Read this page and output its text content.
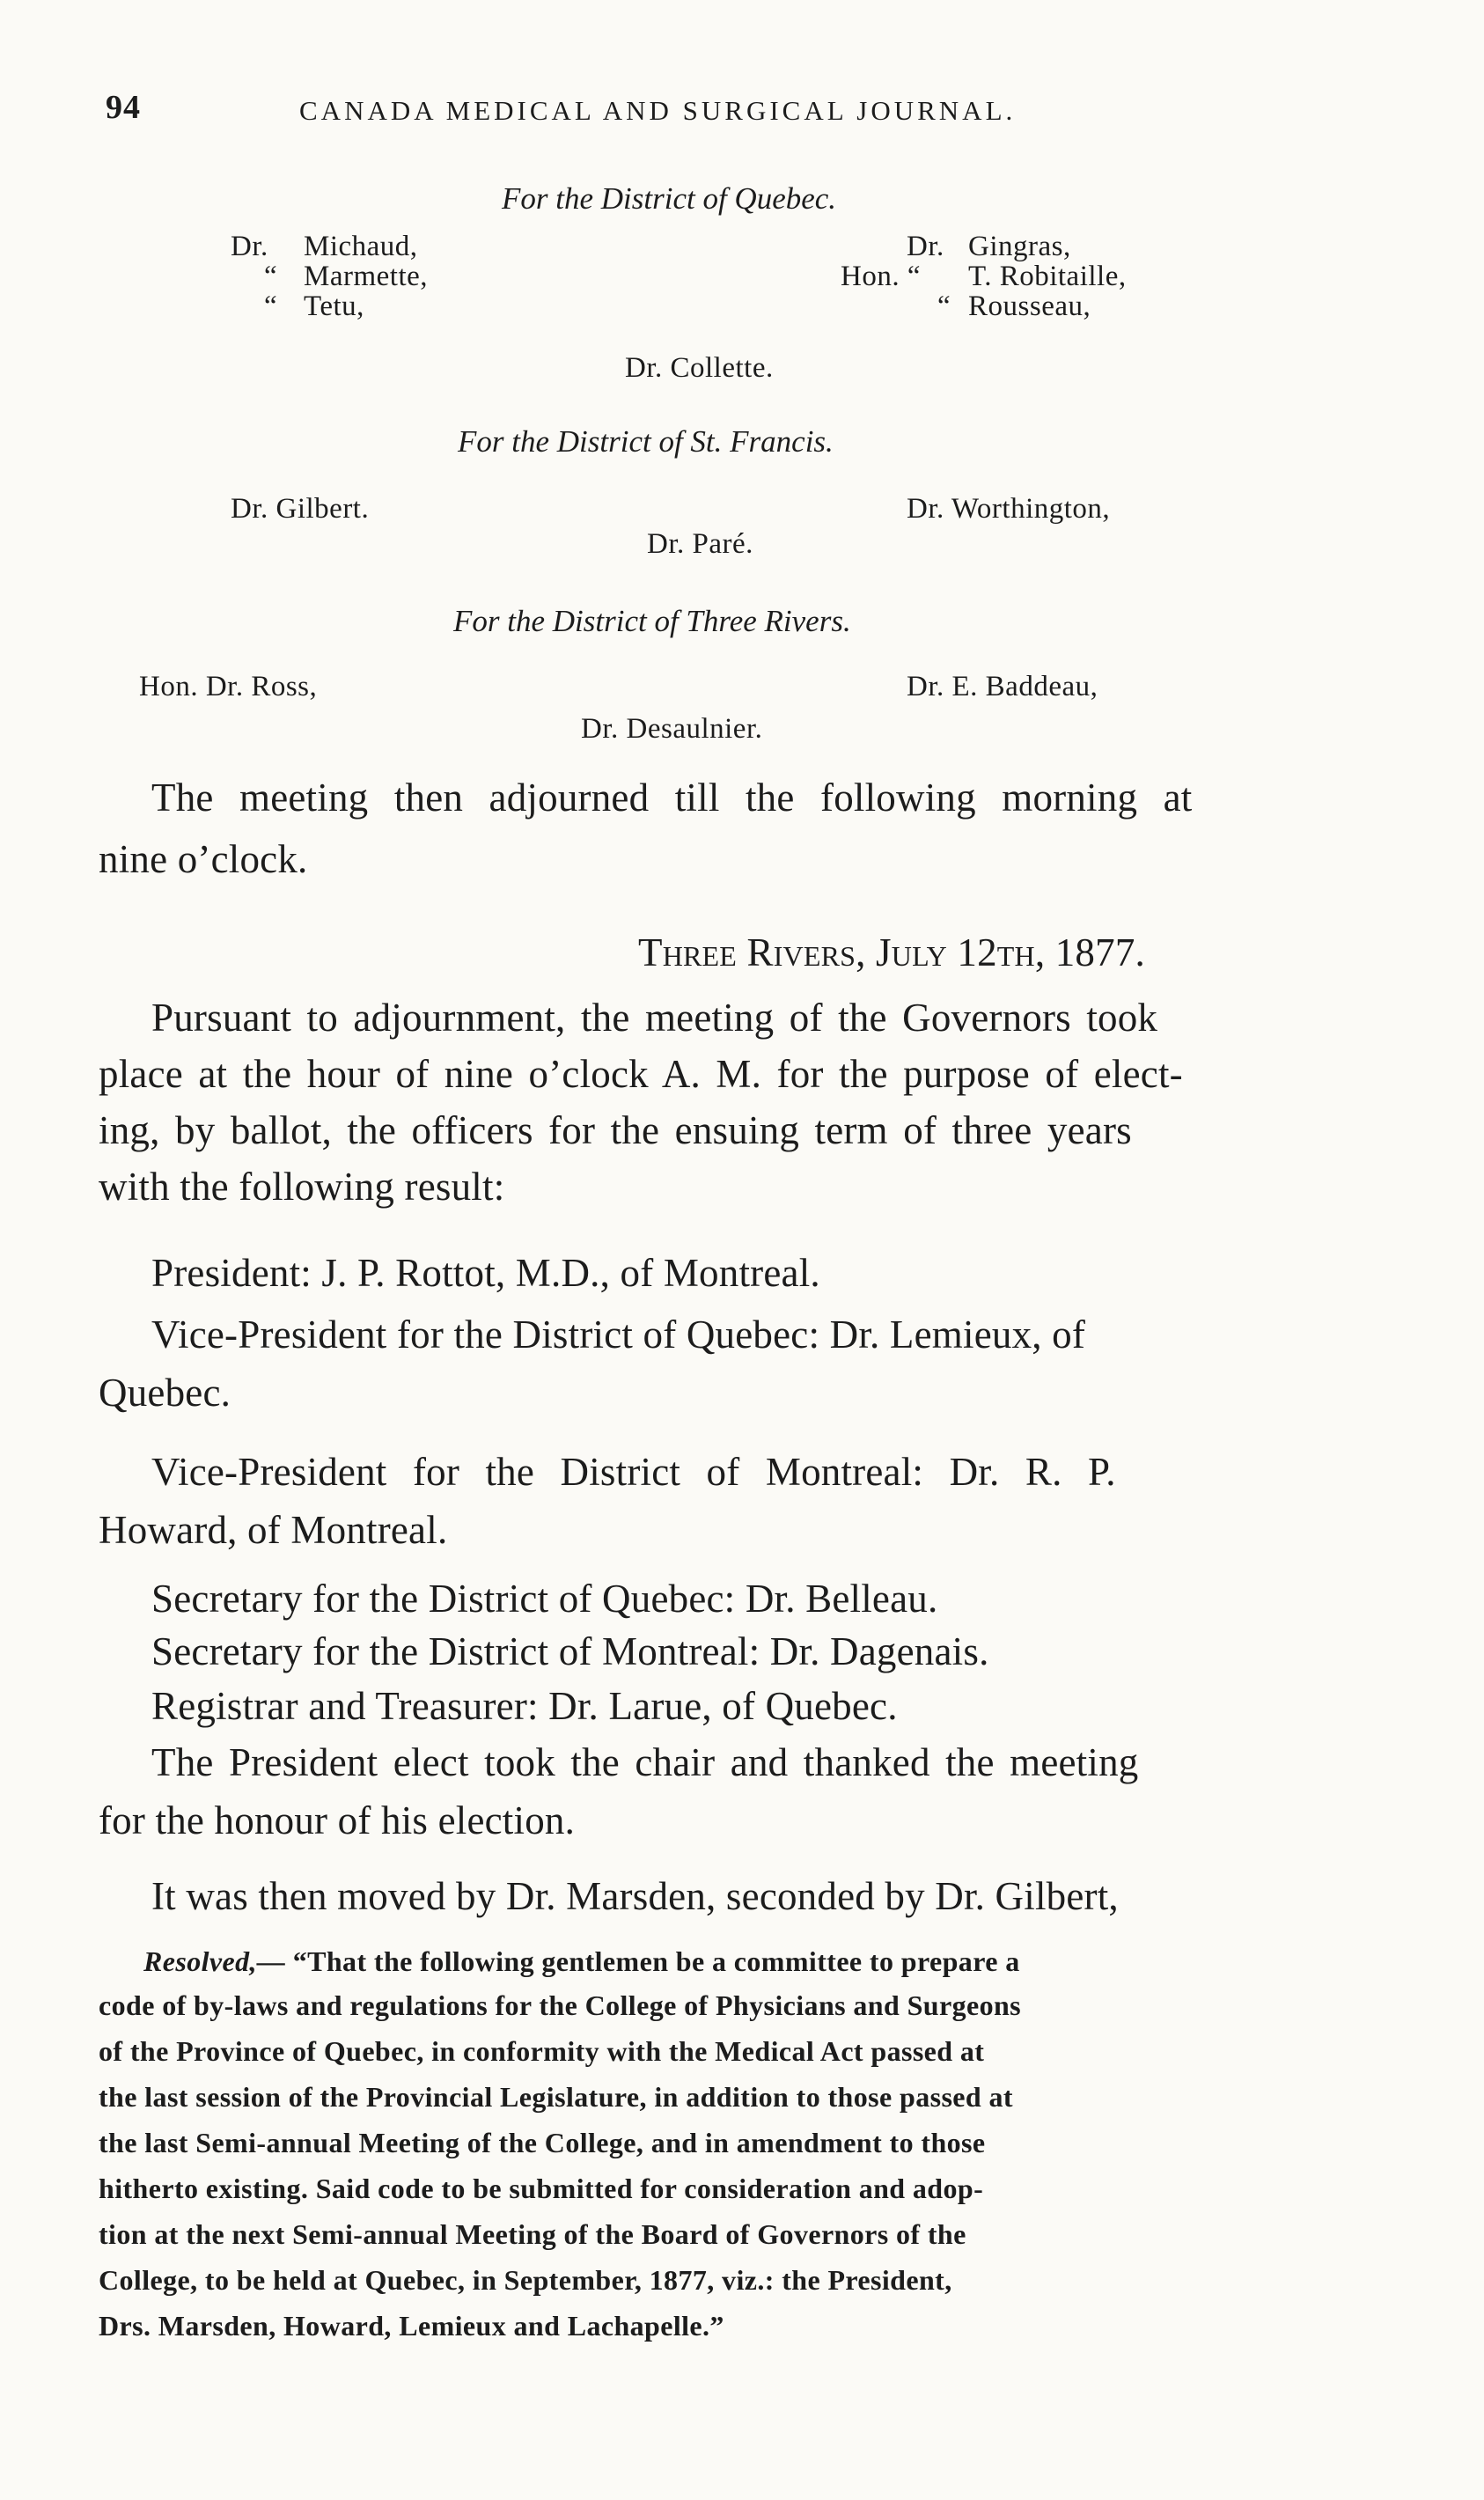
94	CANADA MEDICAL AND SURGICAL JOURNAL.
For the District of Quebec.
Dr. Michaud,
“ Marmette,
“ Tetu,
Dr. Gingras,
Hon. “ T. Robitaille,
“ Rousseau,
Dr. Collette.
For the District of St. Francis.
Dr. Gilbert.	Dr. Worthington,
Dr. Paré.
For the District of Three Rivers.
Hon. Dr. Ross,	Dr. E. Baddeau,
Dr. Desaulnier.
The meeting then adjourned till the following morning at
nine o’clock.
Three Rivers, July 12th, 1877.
Pursuant to adjournment, the meeting of the Governors took
place at the hour of nine o’clock A. M. for the purpose of elect-
ing, by ballot, the officers for the ensuing term of three years
with the following result:
President: J. P. Rottot, M.D., of Montreal.
Vice-President for the District of Quebec: Dr. Lemieux, of
Quebec.
Vice-President for the District of Montreal: Dr. R. P.
Howard, of Montreal.
Secretary for the District of Quebec: Dr. Belleau.
Secretary for the District of Montreal: Dr. Dagenais.
Registrar and Treasurer: Dr. Larue, of Quebec.
The President elect took the chair and thanked the meeting
for the honour of his election.
It was then moved by Dr. Marsden, seconded by Dr. Gilbert,
Resolved,— “That the following gentlemen be a committee to prepare a
code of by-laws and regulations for the College of Physicians and Surgeons
of the Province of Quebec, in conformity with the Medical Act passed at
the last session of the Provincial Legislature, in addition to those passed at
the last Semi-annual Meeting of the College, and in amendment to those
hitherto existing. Said code to be submitted for consideration and adop-
tion at the next Semi-annual Meeting of the Board of Governors of the
College, to be held at Quebec, in September, 1877, viz.: the President,
Drs. Marsden, Howard, Lemieux and Lachapelle.”
